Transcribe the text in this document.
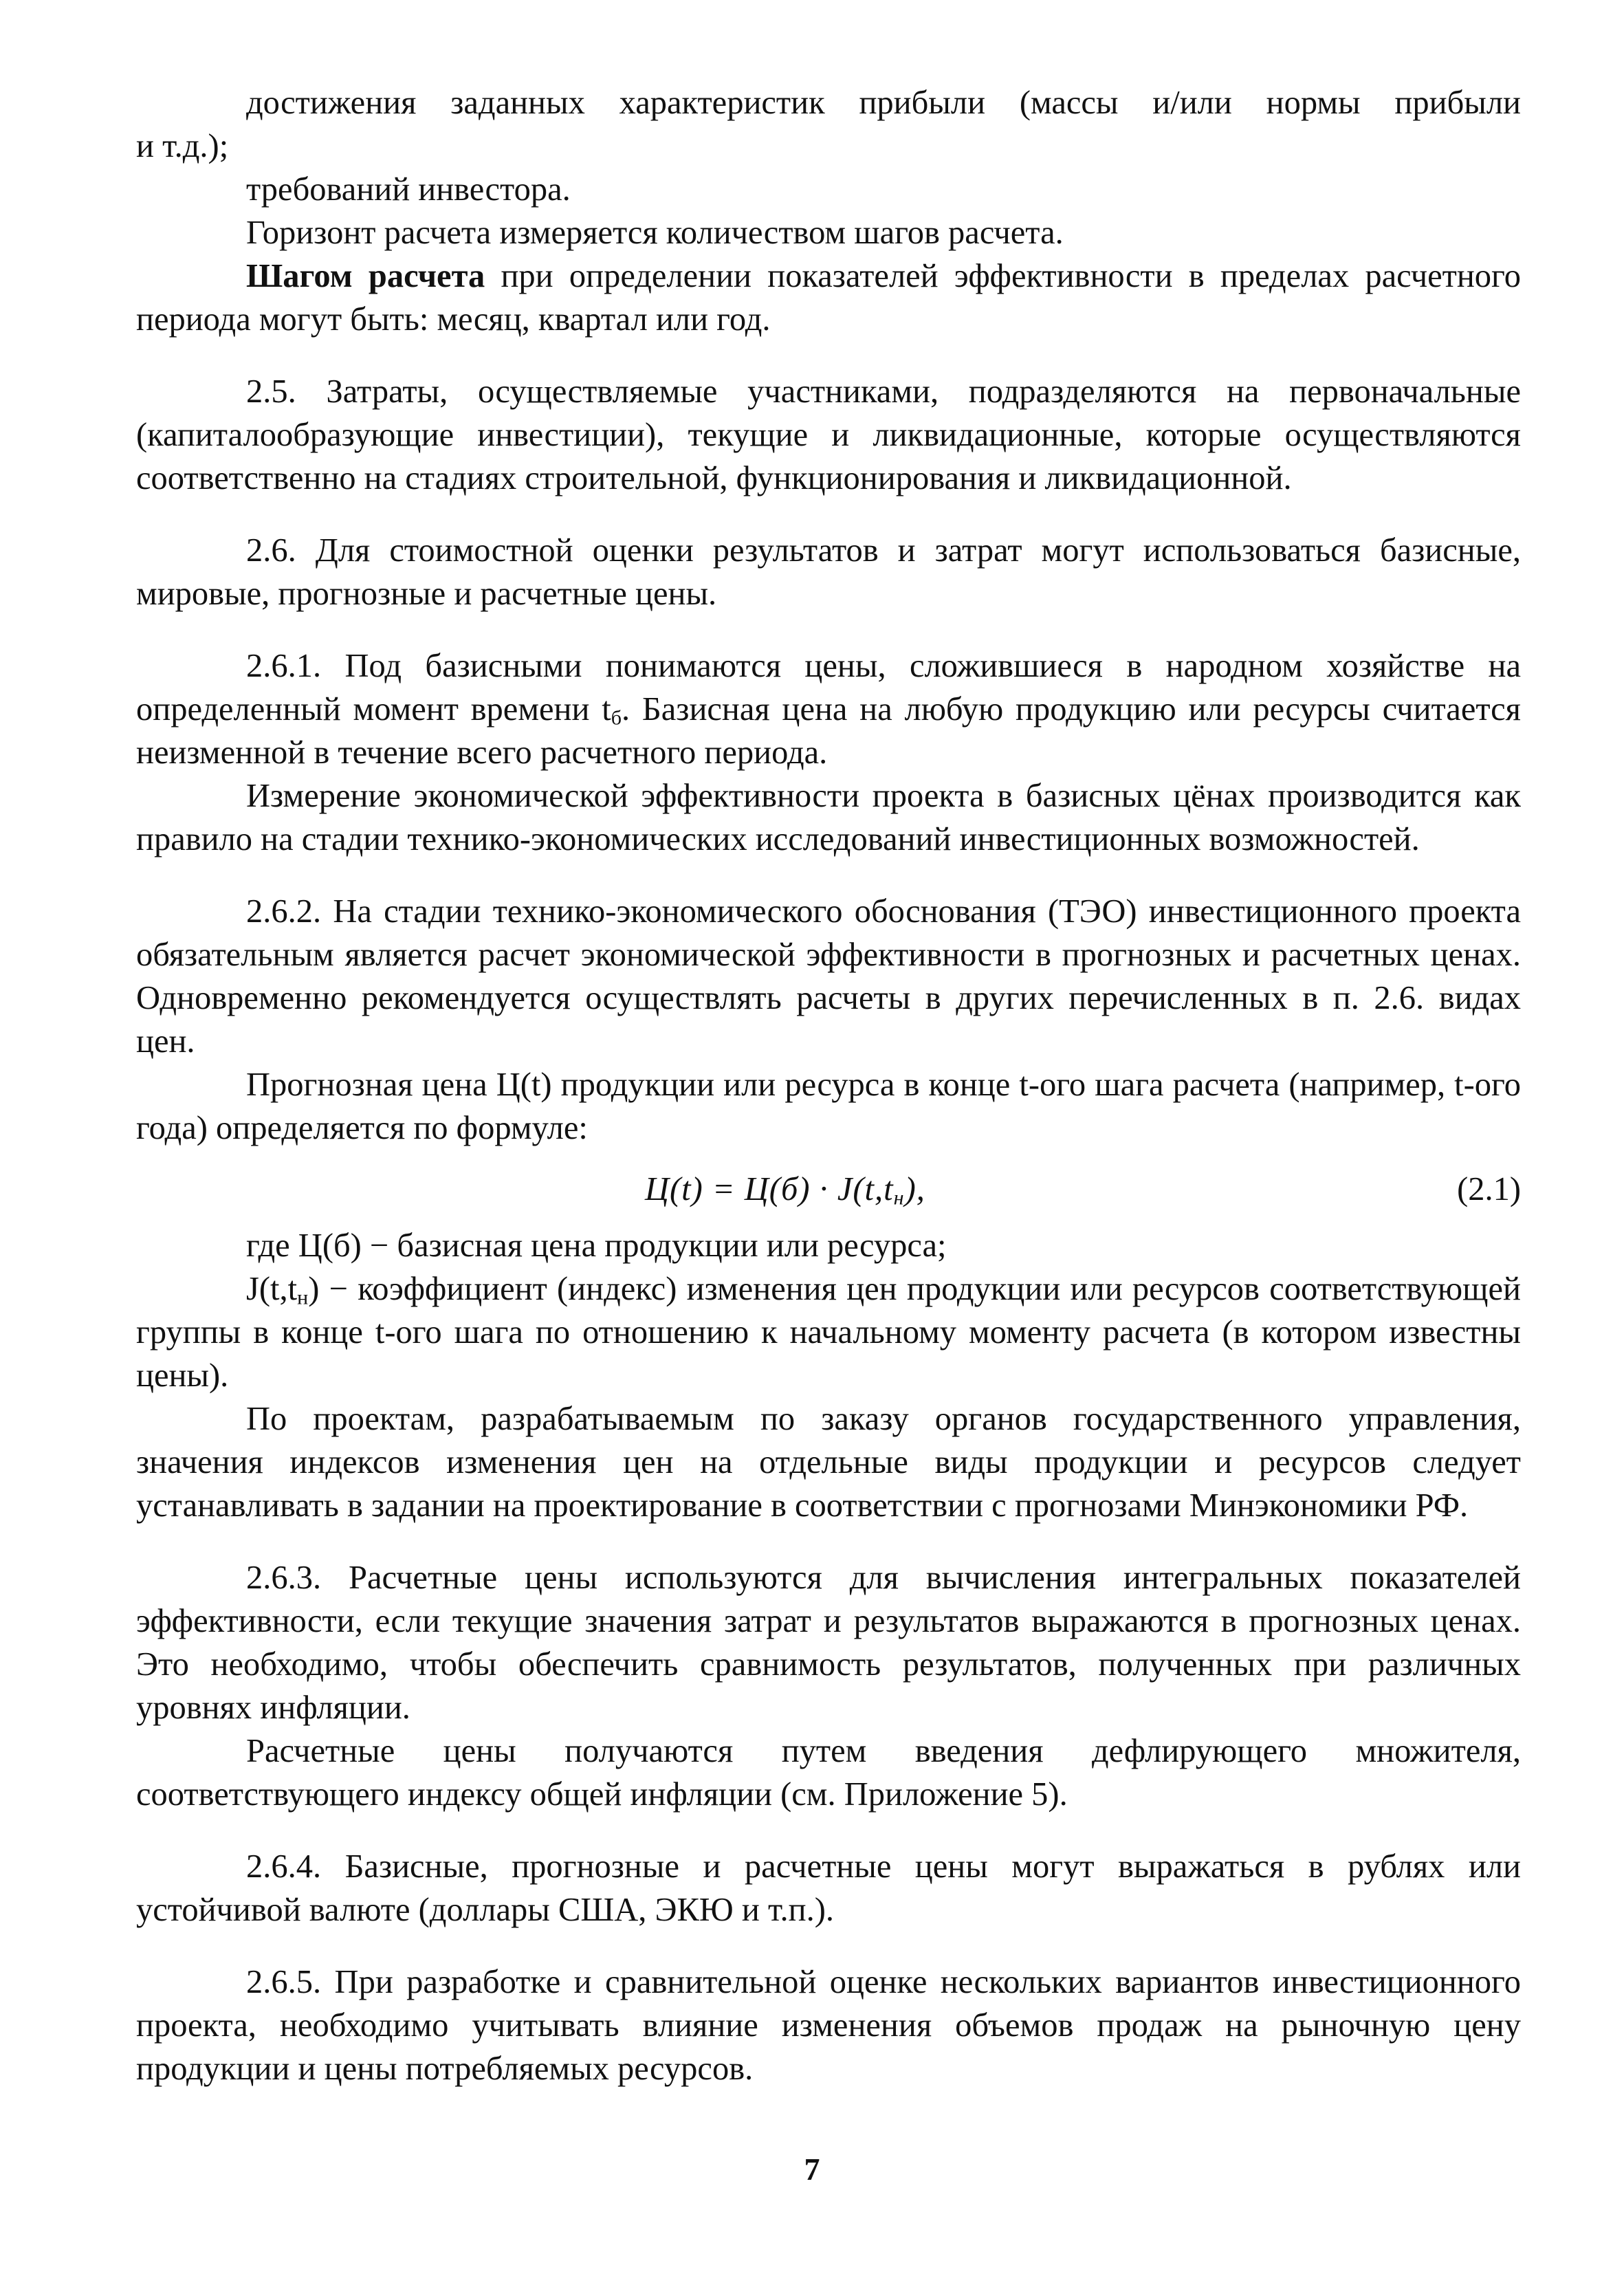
достижения заданных характеристик прибыли (массы и/или нормы прибыли

и т.д.);

требований инвестора.

Горизонт расчета измеряется количеством шагов расчета.

Шагом расчета при определении показателей эффективности в пределах расчетного периода могут быть: месяц, квартал или год.

2.5. Затраты, осуществляемые участниками, подразделяются на первоначальные (капиталообразующие инвестиции), текущие и ликвидационные, которые осуществляются соответственно на стадиях строительной, функционирования и ликвидационной.

2.6. Для стоимостной оценки результатов и затрат могут использоваться базисные, мировые, прогнозные и расчетные цены.

2.6.1. Под базисными понимаются цены, сложившиеся в народном хозяйстве на определенный момент времени $t_б$. Базисная цена на любую продукцию или ресурсы считается неизменной в течение всего расчетного периода.

Измерение экономической эффективности проекта в базисных цёнах производится как правило на стадии технико-экономических исследований инвестиционных возможностей.

2.6.2. На стадии технико-экономического обоснования (ТЭО) инвестиционного проекта обязательным является расчет экономической эффективности в прогнозных и расчетных ценах. Одновременно рекомендуется осуществлять расчеты в других перечисленных в п. 2.6. видах цен.

Прогнозная цена Ц(t) продукции или ресурса в конце t-ого шага расчета (например, t-ого года) определяется по формуле:

$Ц(t) = Ц(б) \cdot J(t,t_н)$,	(2.1)

где Ц(б) − базисная цена продукции или ресурса;

$J(t,t_н)$ − коэффициент (индекс) изменения цен продукции или ресурсов соответствующей группы в конце t-ого шага по отношению к начальному моменту расчета (в котором известны цены).

По проектам, разрабатываемым по заказу органов государственного управления, значения индексов изменения цен на отдельные виды продукции и ресурсов следует устанавливать в задании на проектирование в соответствии с прогнозами Минэкономики РФ.

2.6.3. Расчетные цены используются для вычисления интегральных показателей эффективности, если текущие значения затрат и результатов выражаются в прогнозных ценах. Это необходимо, чтобы обеспечить сравнимость результатов, полученных при различных уровнях инфляции.

Расчетные цены получаются путем введения дефлирующего множителя, соответствующего индексу общей инфляции (см. Приложение 5).

2.6.4. Базисные, прогнозные и расчетные цены могут выражаться в рублях или устойчивой валюте (доллары США, ЭКЮ и т.п.).

2.6.5. При разработке и сравнительной оценке нескольких вариантов инвестиционного проекта, необходимо учитывать влияние изменения объемов продаж на рыночную цену продукции и цены потребляемых ресурсов.

7
